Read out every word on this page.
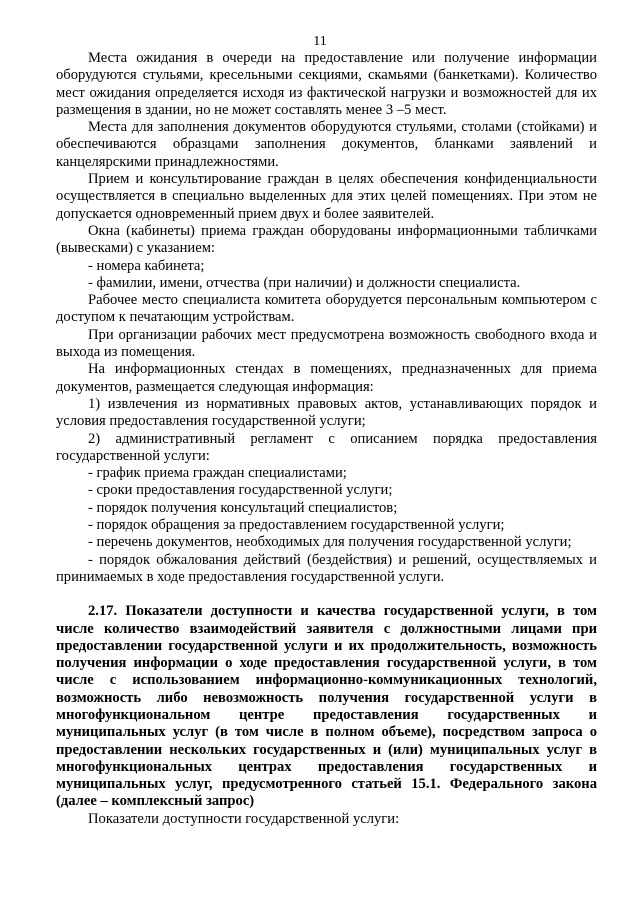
11

Места ожидания в очереди на предоставление или получение информации оборудуются стульями, кресельными секциями, скамьями (банкетками). Количество мест ожидания определяется исходя из фактической нагрузки и возможностей для их размещения в здании, но не может составлять менее 3 –5 мест.

Места для заполнения документов оборудуются стульями, столами (стойками) и обеспечиваются образцами заполнения документов, бланками заявлений и канцелярскими принадлежностями.

Прием и консультирование граждан в целях обеспечения конфиденциальности осуществляется в специально выделенных для этих целей помещениях. При этом не допускается одновременный прием двух и более заявителей.

Окна (кабинеты) приема граждан оборудованы информационными табличками (вывесками) с указанием:

- номера кабинета;

- фамилии, имени, отчества (при наличии) и должности специалиста.

Рабочее место специалиста комитета оборудуется персональным компьютером с доступом к печатающим устройствам.

При организации рабочих мест предусмотрена возможность свободного входа и выхода из помещения.

На информационных стендах в помещениях, предназначенных для приема документов, размещается следующая информация:

1) извлечения из нормативных правовых актов, устанавливающих порядок и условия предоставления государственной услуги;

2) административный регламент с описанием порядка предоставления государственной услуги:

- график приема граждан специалистами;

- сроки предоставления государственной услуги;

- порядок получения консультаций специалистов;

- порядок обращения за предоставлением государственной услуги;

- перечень документов, необходимых для получения государственной услуги;

- порядок обжалования действий (бездействия) и решений, осуществляемых и принимаемых в ходе предоставления государственной услуги.

2.17. Показатели доступности и качества государственной услуги, в том числе количество взаимодействий заявителя с должностными лицами при предоставлении государственной услуги и их продолжительность, возможность получения информации о ходе предоставления государственной услуги, в том числе с использованием информационно-коммуникационных технологий, возможность либо невозможность получения государственной услуги в многофункциональном центре предоставления государственных и муниципальных услуг (в том числе в полном объеме), посредством запроса о предоставлении нескольких государственных и (или) муниципальных услуг в многофункциональных центрах предоставления государственных и муниципальных услуг, предусмотренного статьей 15.1. Федерального закона (далее – комплексный запрос)

Показатели доступности государственной услуги:
